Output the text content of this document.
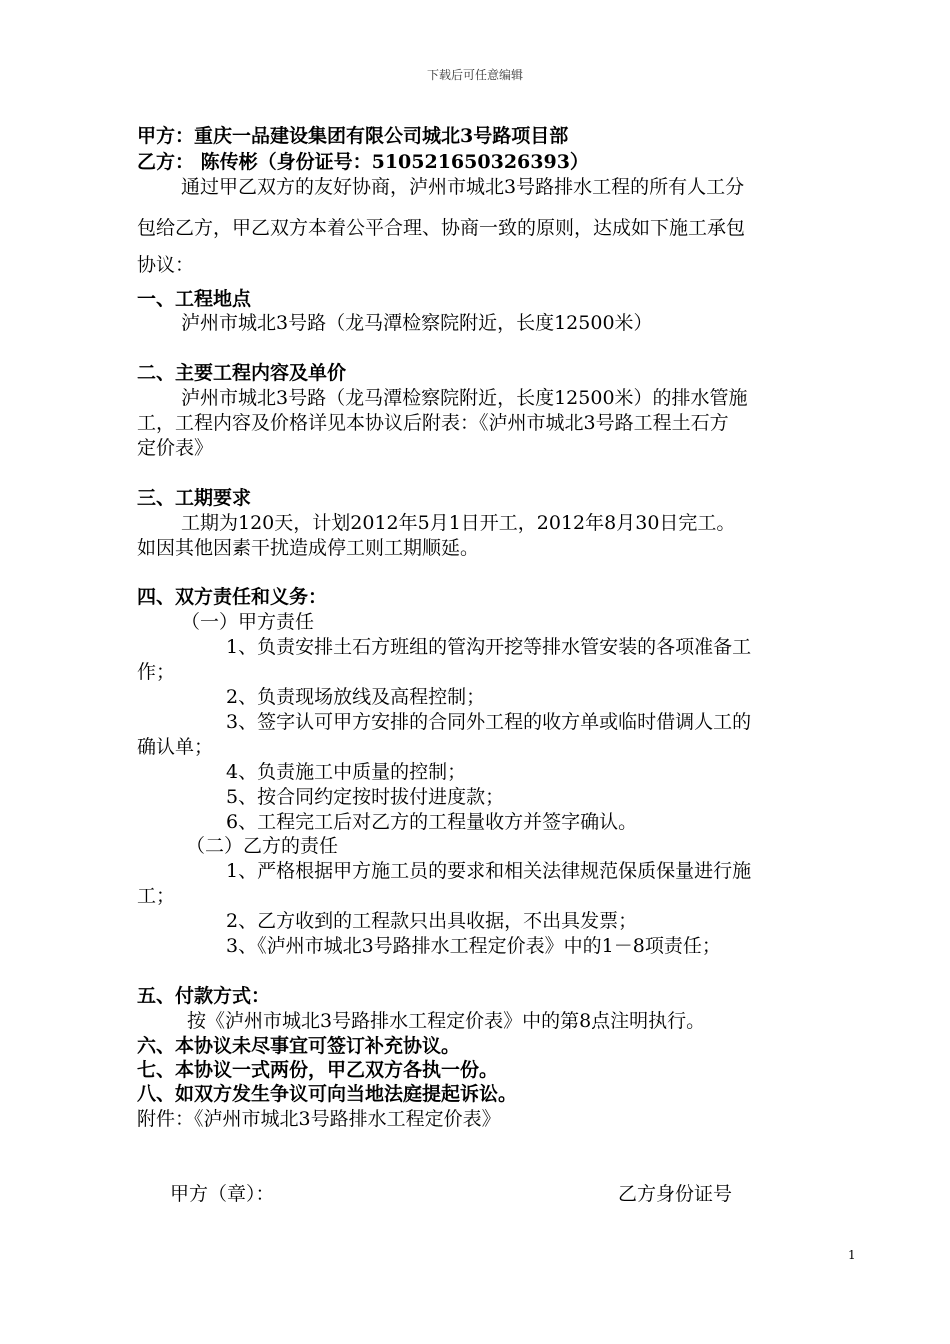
下载后可任意编辑
甲方：重庆一品建设集团有限公司城北3号路项目部
乙方： 陈传彬（身份证号：510521650326393）
通过甲乙双方的友好协商，泸州市城北3号路排水工程的所有人工分
包给乙方，甲乙双方本着公平合理、协商一致的原则，达成如下施工承包
协议：
一、工程地点
泸州市城北3号路（龙马潭检察院附近，长度12500米）
二、主要工程内容及单价
泸州市城北3号路（龙马潭检察院附近，长度12500米）的排水管施
工，工程内容及价格详见本协议后附表：《泸州市城北3号路工程土石方
定价表》
三、工期要求
工期为120天，计划2012年5月1日开工，2012年8月30日完工。
如因其他因素干扰造成停工则工期顺延。
四、双方责任和义务：
（一）甲方责任
1、负责安排土石方班组的管沟开挖等排水管安装的各项准备工
作；
2、负责现场放线及高程控制；
3、签字认可甲方安排的合同外工程的收方单或临时借调人工的
确认单；
4、负责施工中质量的控制；
5、按合同约定按时拔付进度款；
6、工程完工后对乙方的工程量收方并签字确认。
（二）乙方的责任
1、严格根据甲方施工员的要求和相关法律规范保质保量进行施
工；
2、乙方收到的工程款只出具收据，不出具发票；
3、《泸州市城北3号路排水工程定价表》中的1－8项责任；
五、付款方式：
按《泸州市城北3号路排水工程定价表》中的第8点注明执行。
六、本协议未尽事宜可签订补充协议。
七、本协议一式两份，甲乙双方各执一份。
八、如双方发生争议可向当地法庭提起诉讼。
附件：《泸州市城北3号路排水工程定价表》
甲方（章）：	乙方身份证号
1
